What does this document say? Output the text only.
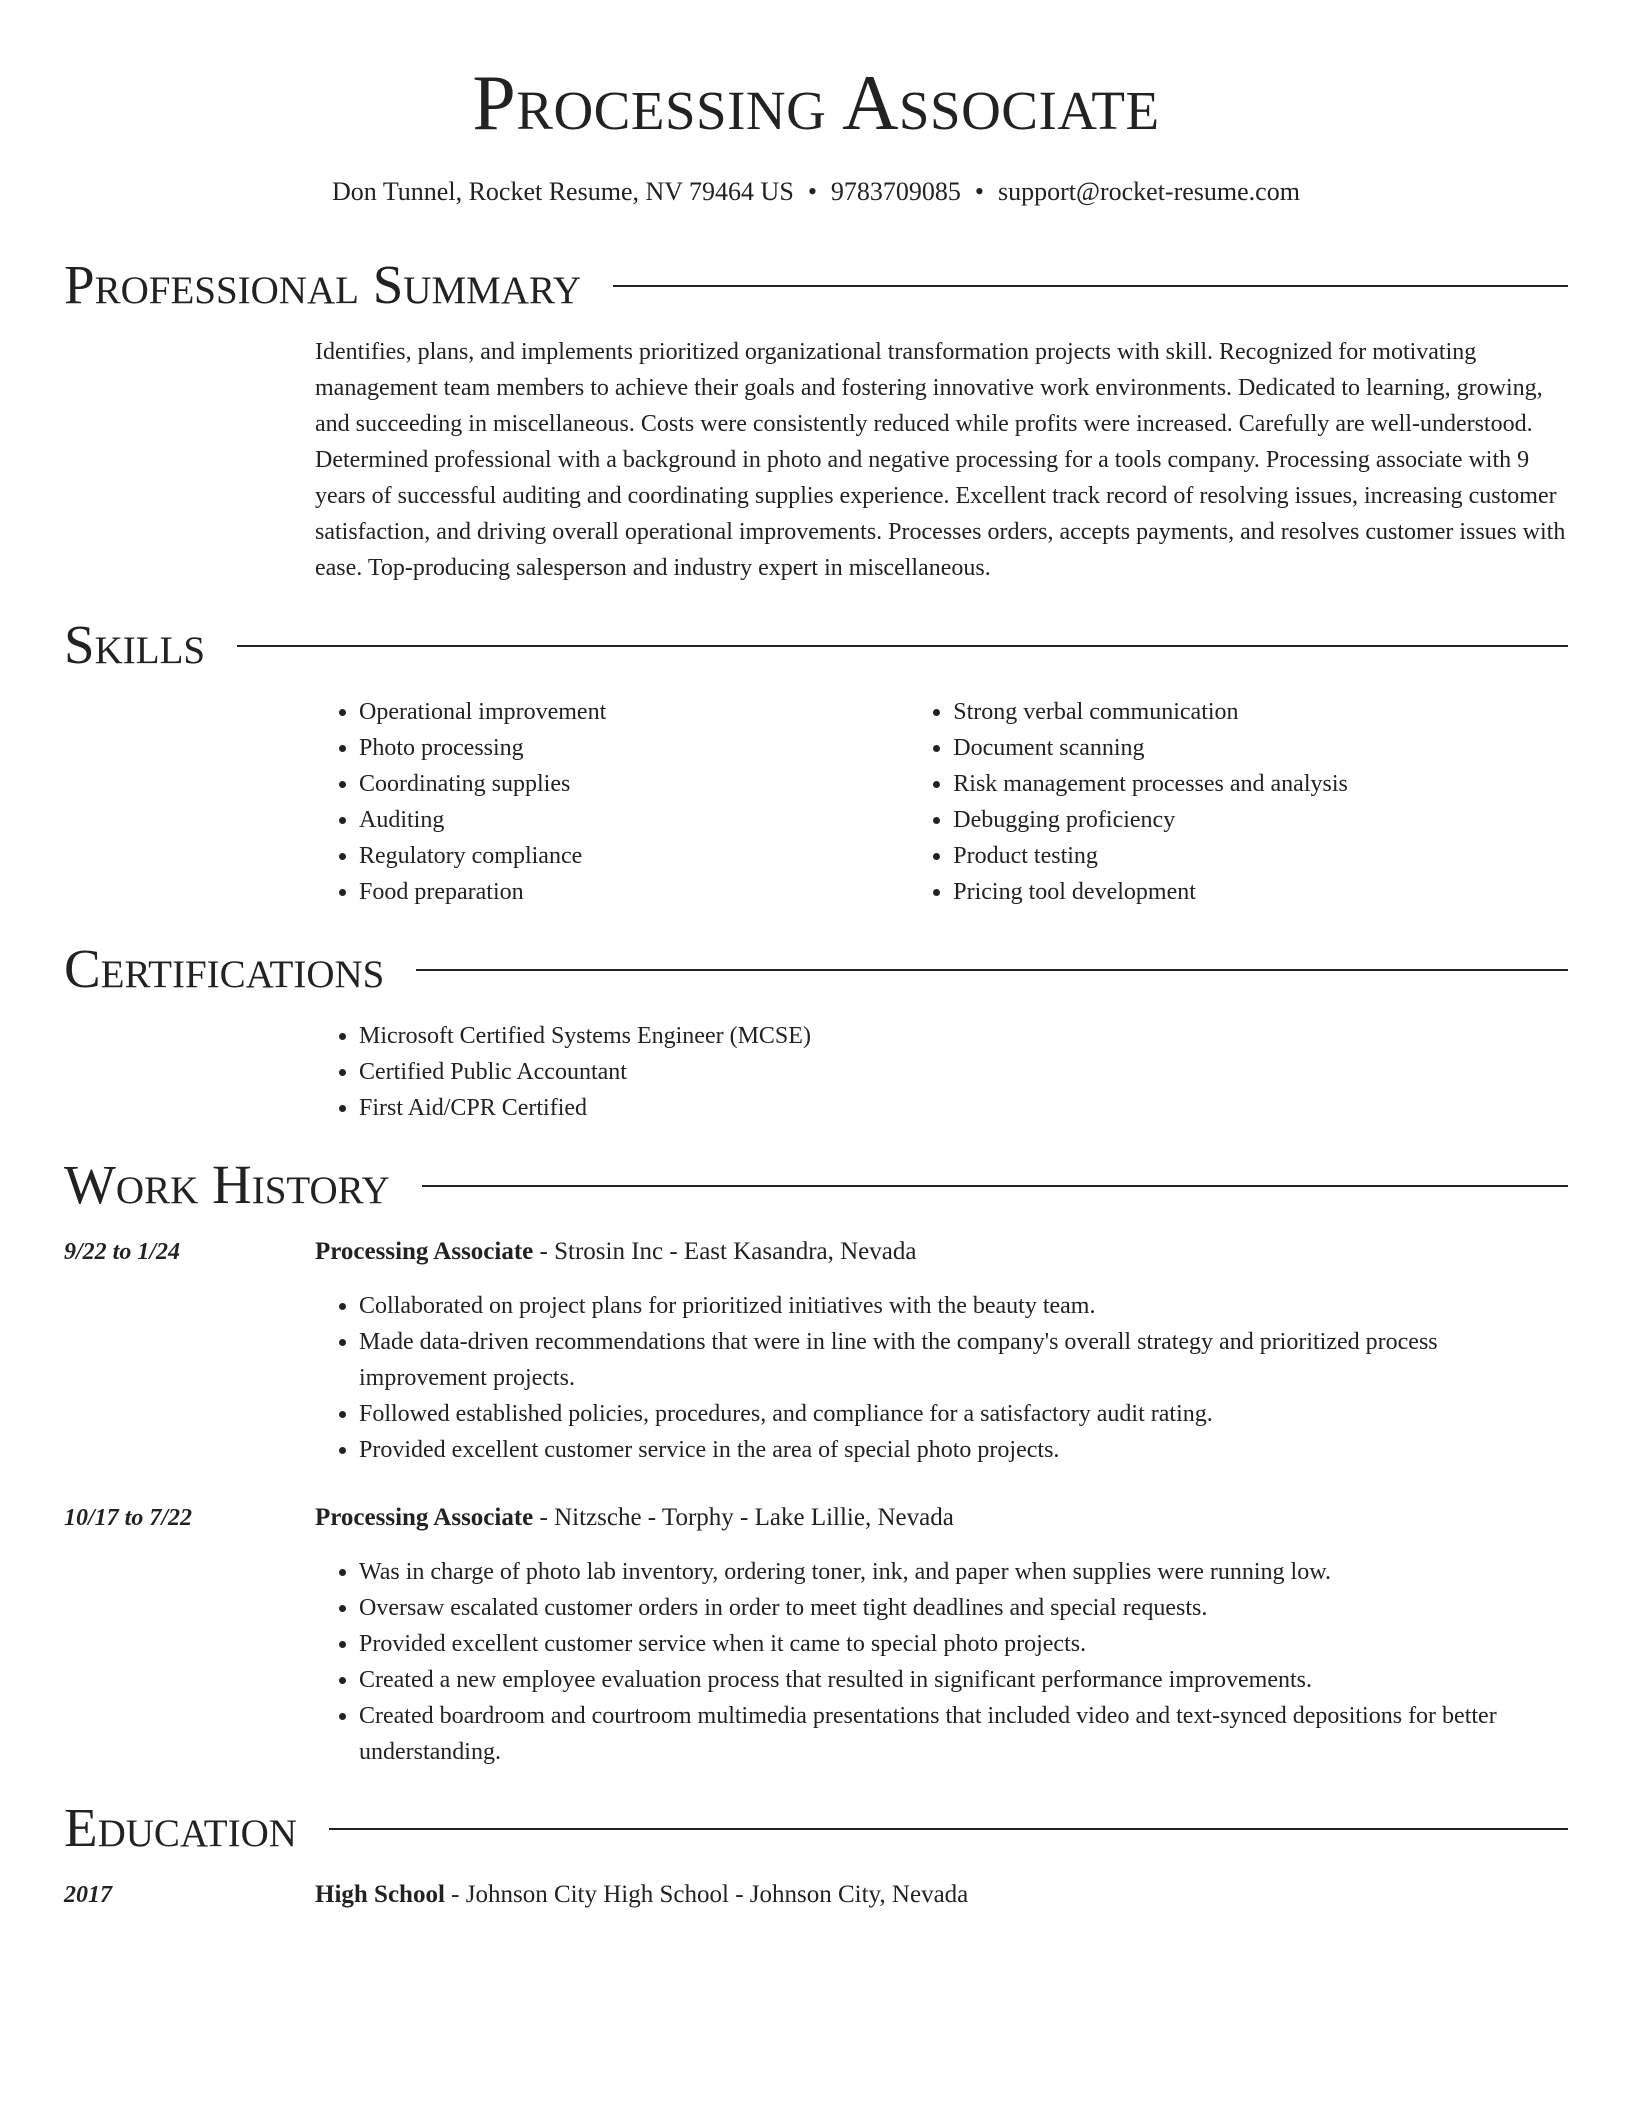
Processing Associate
Don Tunnel, Rocket Resume, NV 79464 US • 9783709085 • support@rocket-resume.com
Professional Summary

Identifies, plans, and implements prioritized organizational transformation projects with skill. Recognized for motivating management team members to achieve their goals and fostering innovative work environments. Dedicated to learning, growing, and succeeding in miscellaneous. Costs were consistently reduced while profits were increased. Carefully are well-understood. Determined professional with a background in photo and negative processing for a tools company. Processing associate with 9 years of successful auditing and coordinating supplies experience. Excellent track record of resolving issues, increasing customer satisfaction, and driving overall operational improvements. Processes orders, accepts payments, and resolves customer issues with ease. Top-producing salesperson and industry expert in miscellaneous.

Skills
• Operational improvement
• Photo processing
• Coordinating supplies
• Auditing
• Regulatory compliance
• Food preparation
• Strong verbal communication
• Document scanning
• Risk management processes and analysis
• Debugging proficiency
• Product testing
• Pricing tool development
Certifications
• Microsoft Certified Systems Engineer (MCSE)
• Certified Public Accountant
• First Aid/CPR Certified
Work History
9/22 to 1/24	Processing Associate - Strosin Inc - East Kasandra, Nevada
• Collaborated on project plans for prioritized initiatives with the beauty team.
• Made data-driven recommendations that were in line with the company's overall strategy and prioritized process improvement projects.
• Followed established policies, procedures, and compliance for a satisfactory audit rating.
• Provided excellent customer service in the area of special photo projects.
10/17 to 7/22	Processing Associate - Nitzsche - Torphy - Lake Lillie, Nevada
• Was in charge of photo lab inventory, ordering toner, ink, and paper when supplies were running low.
• Oversaw escalated customer orders in order to meet tight deadlines and special requests.
• Provided excellent customer service when it came to special photo projects.
• Created a new employee evaluation process that resulted in significant performance improvements.
• Created boardroom and courtroom multimedia presentations that included video and text-synced depositions for better understanding.
Education
2017	High School - Johnson City High School - Johnson City, Nevada
